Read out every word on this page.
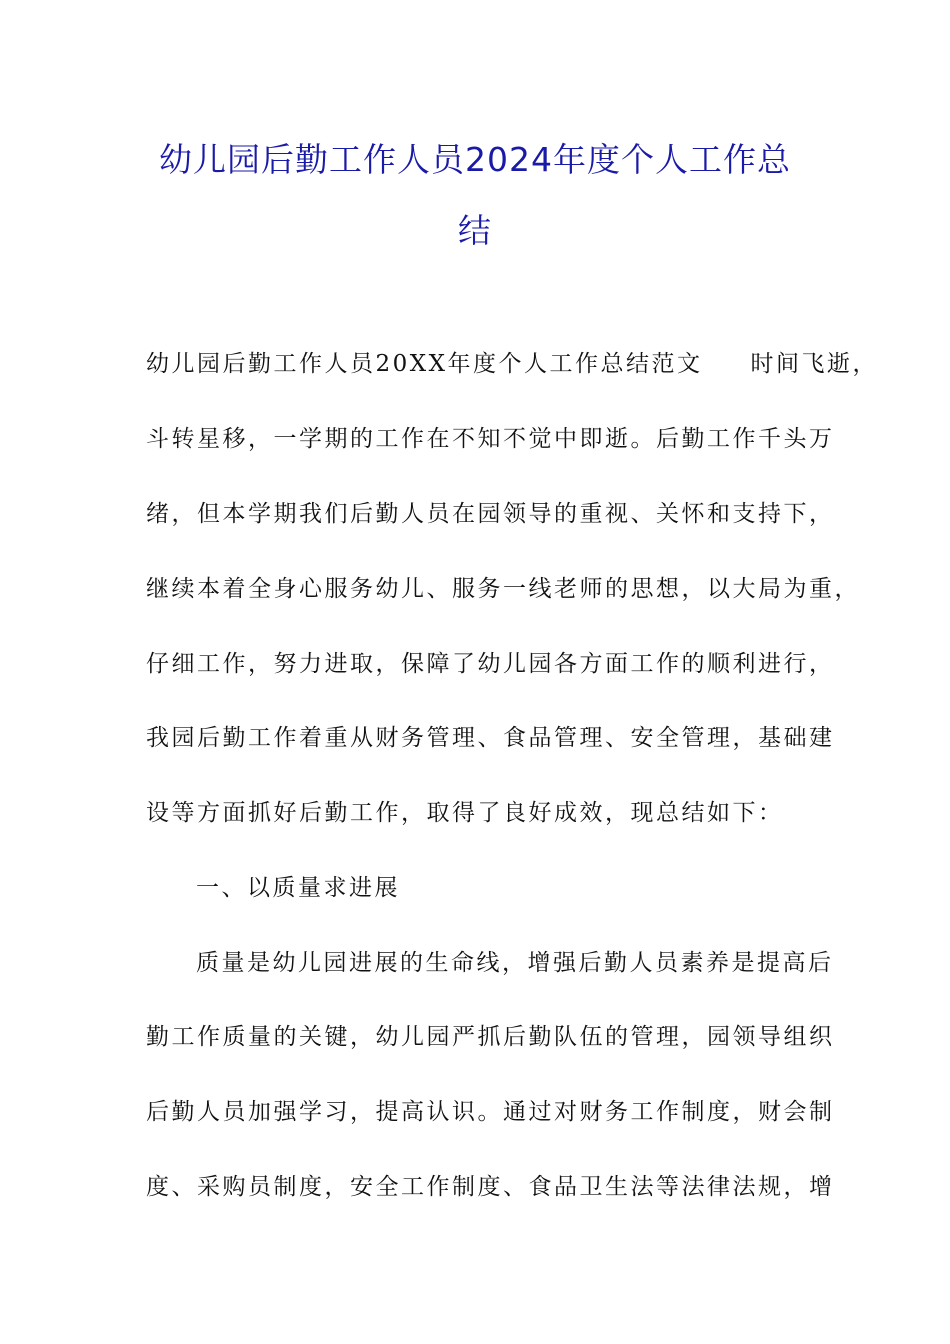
幼儿园后勤工作人员2024年度个人工作总
结
幼儿园后勤工作人员20XX年度个人工作总结范文 时间飞逝，
斗转星移，一学期的工作在不知不觉中即逝。后勤工作千头万
绪，但本学期我们后勤人员在园领导的重视、关怀和支持下，
继续本着全身心服务幼儿、服务一线老师的思想，以大局为重，
仔细工作，努力进取，保障了幼儿园各方面工作的顺利进行，
我园后勤工作着重从财务管理、食品管理、安全管理，基础建
设等方面抓好后勤工作，取得了良好成效，现总结如下：
一、以质量求进展
质量是幼儿园进展的生命线，增强后勤人员素养是提高后
勤工作质量的关键，幼儿园严抓后勤队伍的管理，园领导组织
后勤人员加强学习，提高认识。通过对财务工作制度，财会制
度、采购员制度，安全工作制度、食品卫生法等法律法规，增
